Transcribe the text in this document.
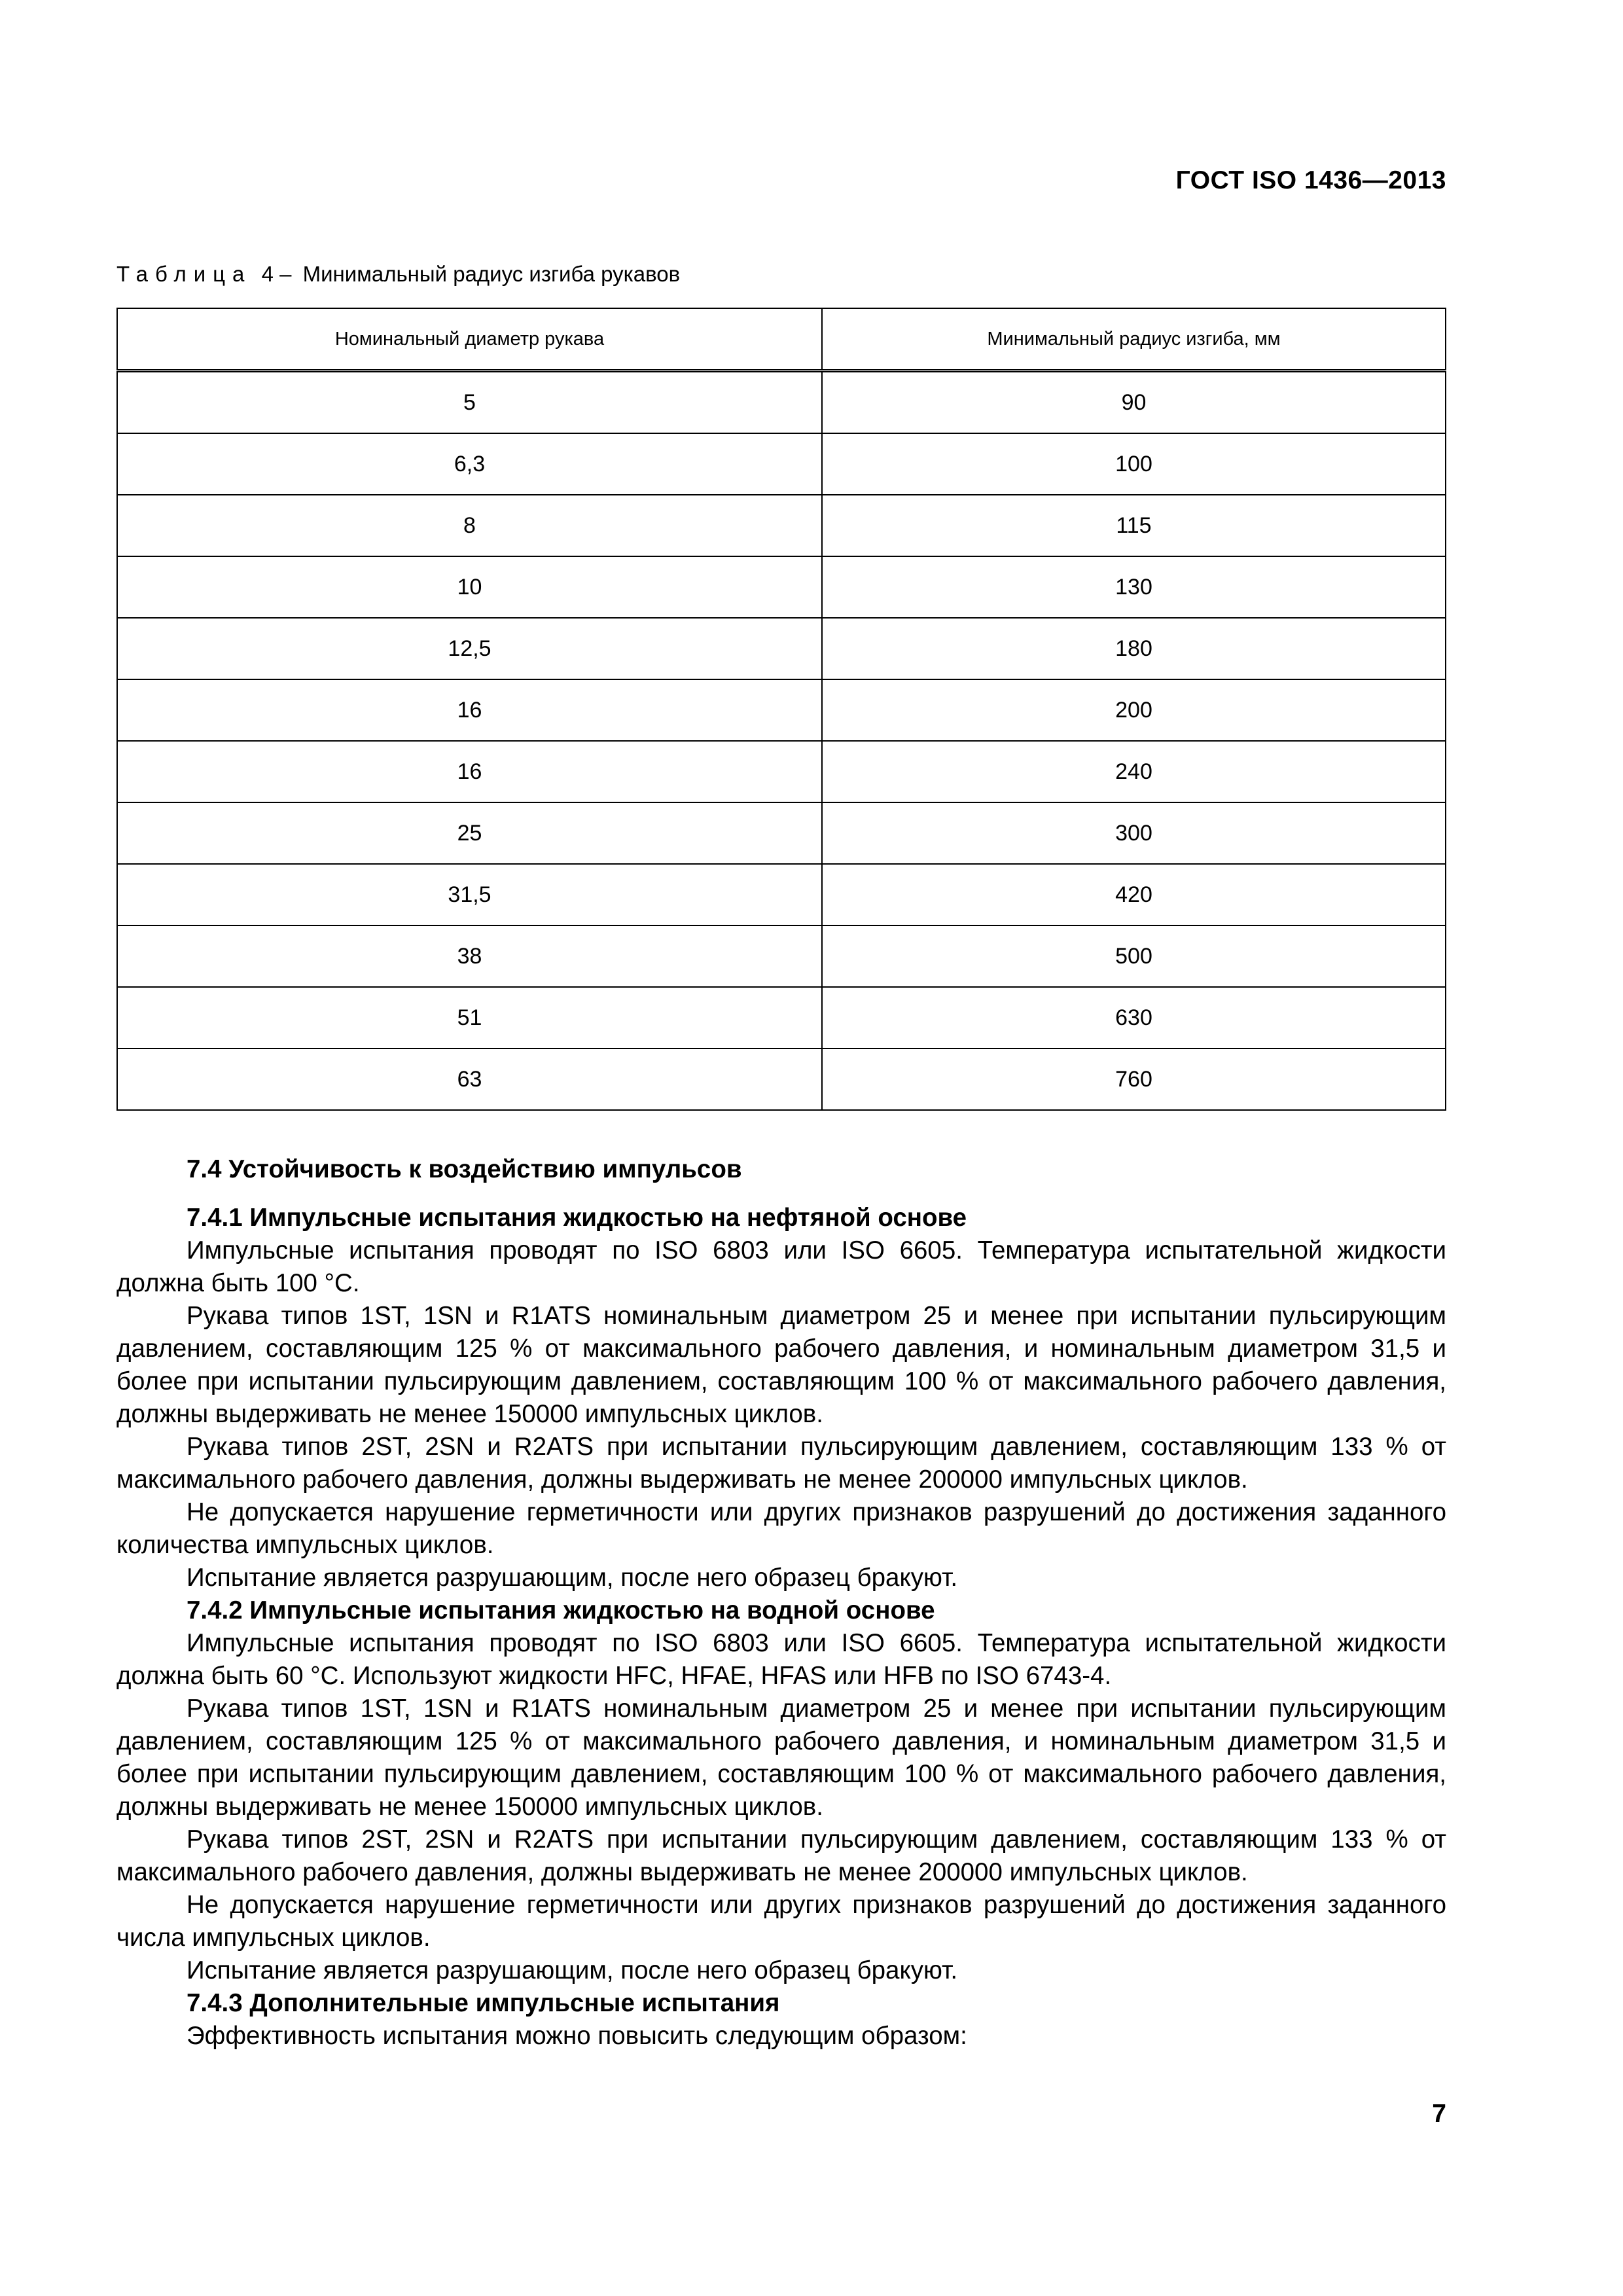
ГОСТ ISO 1436—2013
Таблица 4 – Минимальный радиус изгиба рукавов
Номинальный диаметр рукава	Минимальный радиус изгиба, мм
5	90
6,3	100
8	115
10	130
12,5	180
16	200
16	240
25	300
31,5	420
38	500
51	630
63	760

7.4 Устойчивость к воздействию импульсов

7.4.1 Импульсные испытания жидкостью на нефтяной основе

Импульсные испытания проводят по ISO 6803 или ISO 6605. Температура испытательной жидкости должна быть 100 °С.

Рукава типов 1ST, 1SN и R1ATS номинальным диаметром 25 и менее при испытании пульсирующим давлением, составляющим 125 % от максимального рабочего давления, и номинальным диаметром 31,5 и более при испытании пульсирующим давлением, составляющим 100 % от максимального рабочего давления, должны выдерживать не менее 150000 импульсных циклов.

Рукава типов 2ST, 2SN и R2ATS при испытании пульсирующим давлением, составляющим 133 % от максимального рабочего давления, должны выдерживать не менее 200000 импульсных циклов.

Не допускается нарушение герметичности или других признаков разрушений до достижения заданного количества импульсных циклов.

Испытание является разрушающим, после него образец бракуют.

7.4.2 Импульсные испытания жидкостью на водной основе

Импульсные испытания проводят по ISO 6803 или ISO 6605. Температура испытательной жидкости должна быть 60 °С. Используют жидкости HFC, HFAE, HFAS или HFB по ISO 6743-4.

Рукава типов 1ST, 1SN и R1ATS номинальным диаметром 25 и менее при испытании пульсирующим давлением, составляющим 125 % от максимального рабочего давления, и номинальным диаметром 31,5 и более при испытании пульсирующим давлением, составляющим 100 % от максимального рабочего давления, должны выдерживать не менее 150000 импульсных циклов.

Рукава типов 2ST, 2SN и R2ATS при испытании пульсирующим давлением, составляющим 133 % от максимального рабочего давления, должны выдерживать не менее 200000 импульсных циклов.

Не допускается нарушение герметичности или других признаков разрушений до достижения заданного числа импульсных циклов.

Испытание является разрушающим, после него образец бракуют.

7.4.3 Дополнительные импульсные испытания

Эффективность испытания можно повысить следующим образом:

7
